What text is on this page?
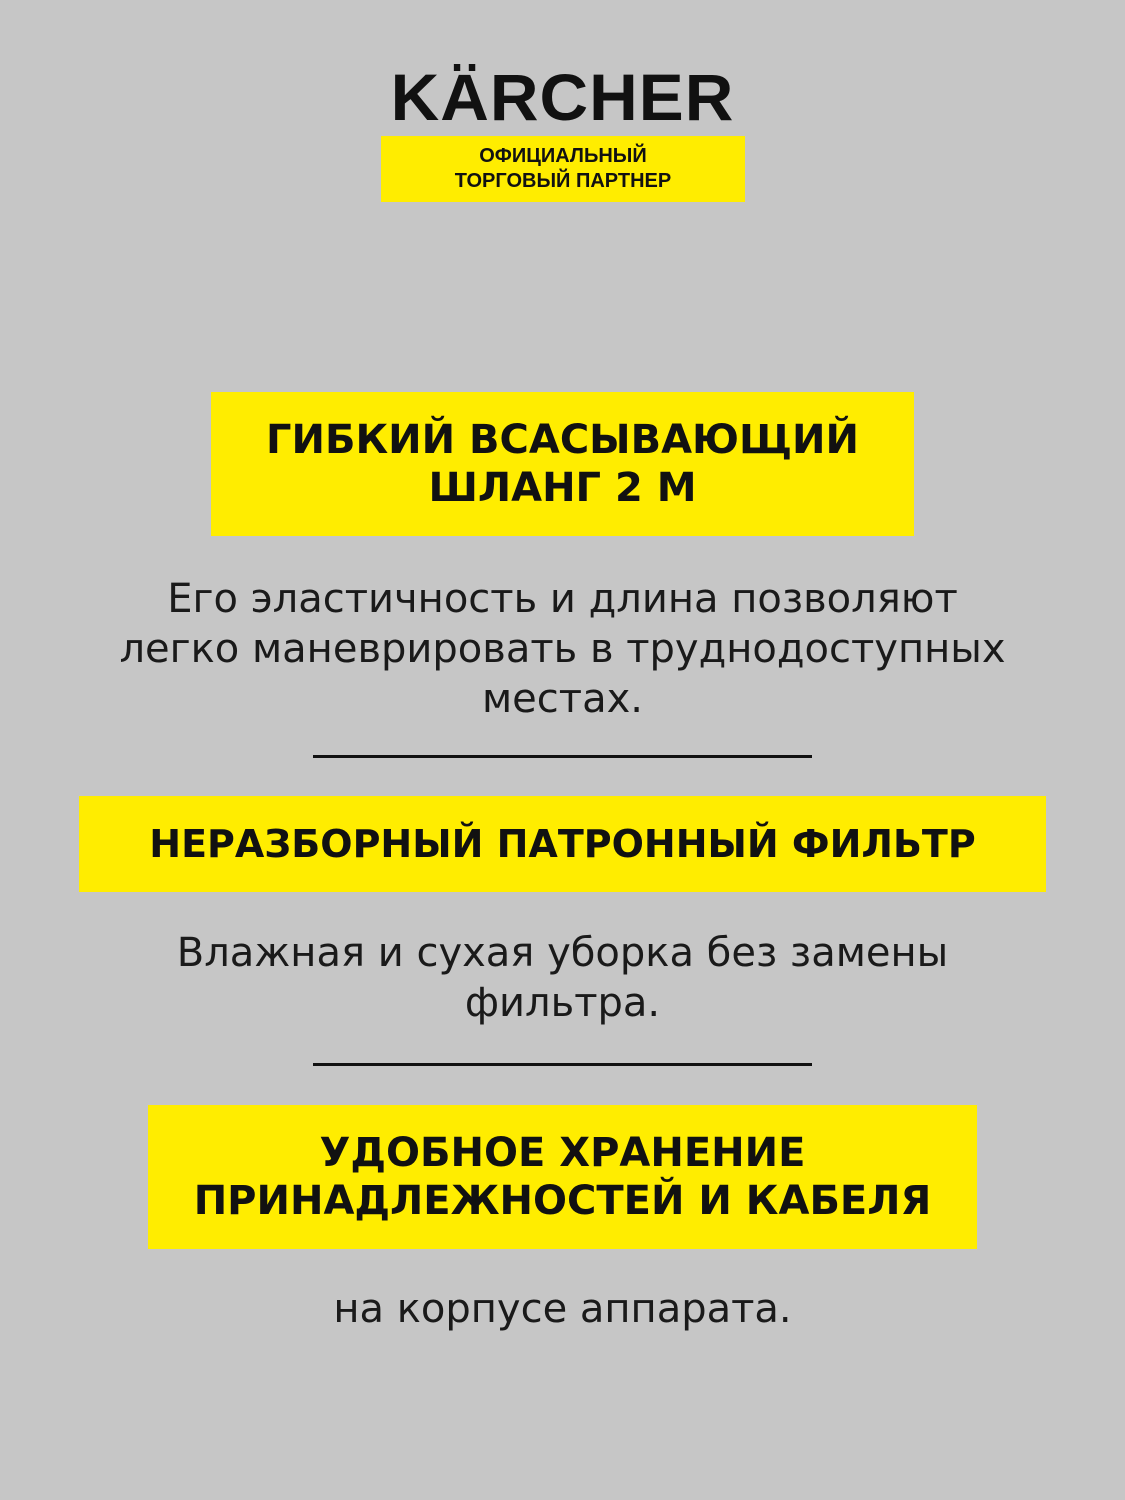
KÄRCHER
ОФИЦИАЛЬНЫЙ
ТОРГОВЫЙ ПАРТНЕР
ГИБКИЙ ВСАСЫВАЮЩИЙ
ШЛАНГ 2 М
Его эластичность и длина позволяют
легко маневрировать в труднодоступных
местах.
НЕРАЗБОРНЫЙ ПАТРОННЫЙ ФИЛЬТР
Влажная и сухая уборка без замены
фильтра.
УДОБНОЕ ХРАНЕНИЕ
ПРИНАДЛЕЖНОСТЕЙ И КАБЕЛЯ
на корпусе аппарата.
